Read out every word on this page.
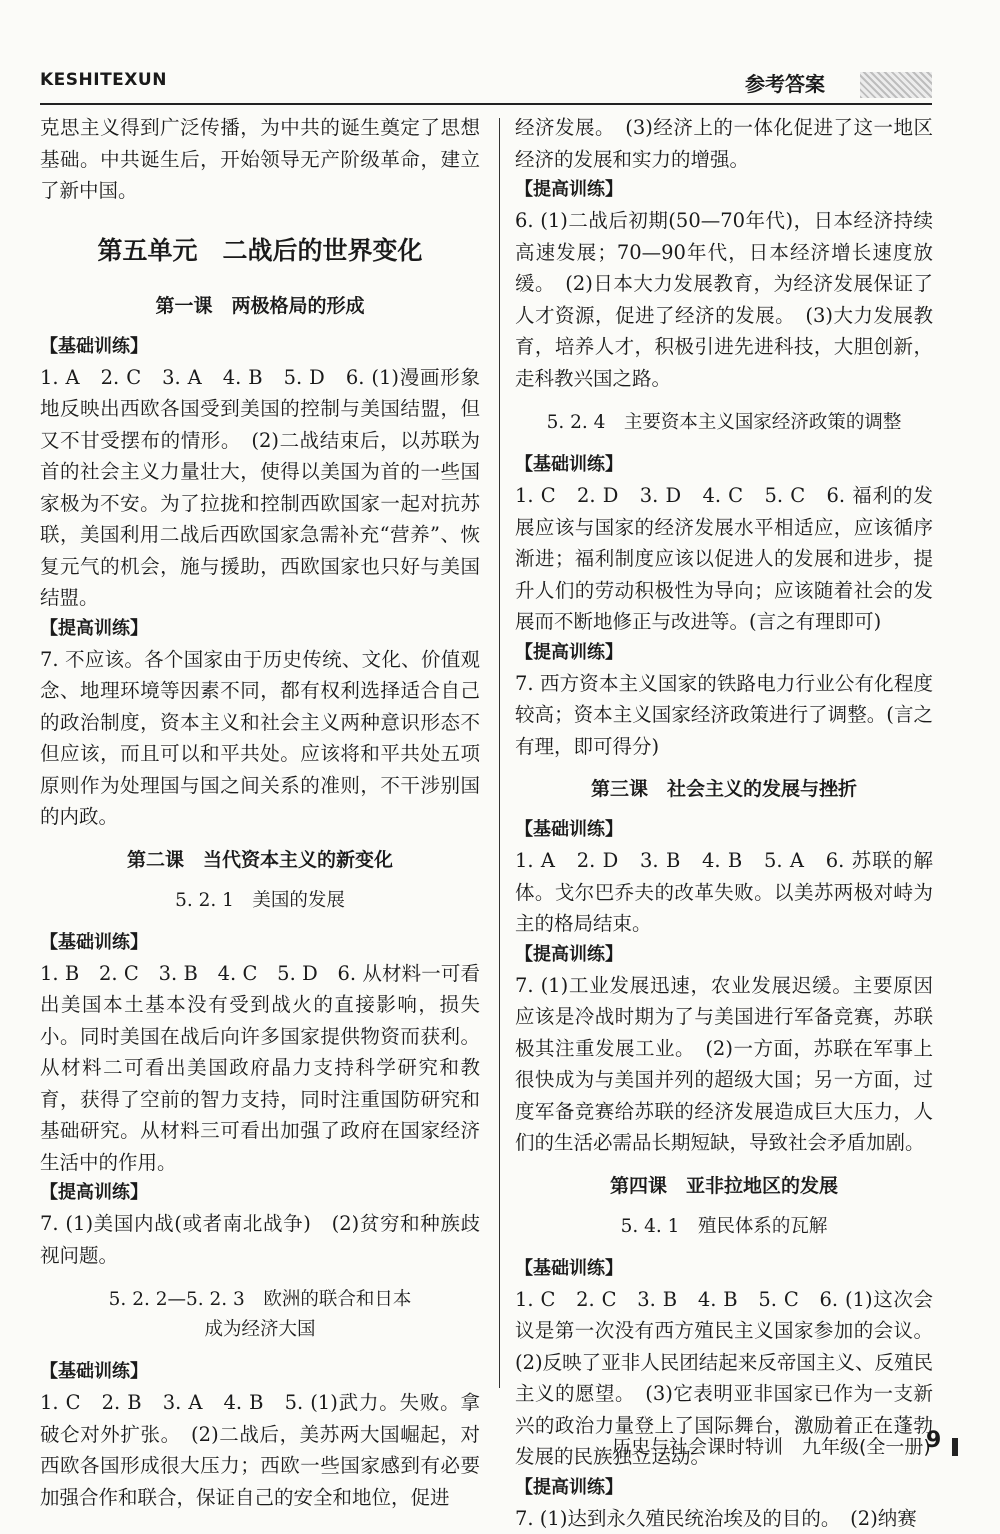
KESHITEXUN	参考答案

克思主义得到广泛传播，为中共的诞生奠定了思想基础。中共诞生后，开始领导无产阶级革命，建立了新中国。

第五单元　二战后的世界变化
第一课　两极格局的形成

【基础训练】

1. A　2. C　3. A　4. B　5. D　6. (1)漫画形象地反映出西欧各国受到美国的控制与美国结盟，但又不甘受摆布的情形。　(2)二战结束后，以苏联为首的社会主义力量壮大，使得以美国为首的一些国家极为不安。为了拉拢和控制西欧国家一起对抗苏联，美国利用二战后西欧国家急需补充“营养”、恢复元气的机会，施与援助，西欧国家也只好与美国结盟。

【提高训练】

7. 不应该。各个国家由于历史传统、文化、价值观念、地理环境等因素不同，都有权利选择适合自己的政治制度，资本主义和社会主义两种意识形态不但应该，而且可以和平共处。应该将和平共处五项原则作为处理国与国之间关系的准则，不干涉别国的内政。

第二课　当代资本主义的新变化
5. 2. 1　美国的发展

【基础训练】

1. B　2. C　3. B　4. C　5. D　6. 从材料一可看出美国本土基本没有受到战火的直接影响，损失小。同时美国在战后向许多国家提供物资而获利。从材料二可看出美国政府晶力支持科学研究和教育，获得了空前的智力支持，同时注重国防研究和基础研究。从材料三可看出加强了政府在国家经济生活中的作用。

【提高训练】

7. (1)美国内战(或者南北战争)　(2)贫穷和种族歧视问题。

5. 2. 2—5. 2. 3　欧洲的联合和日本
成为经济大国

【基础训练】

1. C　2. B　3. A　4. B　5. (1)武力。失败。拿破仑对外扩张。　(2)二战后，美苏两大国崛起，对西欧各国形成很大压力；西欧一些国家感到有必要加强合作和联合，保证自己的安全和地位，促进

经济发展。　(3)经济上的一体化促进了这一地区经济的发展和实力的增强。

【提高训练】

6. (1)二战后初期(50—70年代)，日本经济持续高速发展；70—90年代，日本经济增长速度放缓。　(2)日本大力发展教育，为经济发展保证了人才资源，促进了经济的发展。　(3)大力发展教育，培养人才，积极引进先进科技，大胆创新，走科教兴国之路。

5. 2. 4　主要资本主义国家经济政策的调整

【基础训练】

1. C　2. D　3. D　4. C　5. C　6. 福利的发展应该与国家的经济发展水平相适应，应该循序渐进；福利制度应该以促进人的发展和进步，提升人们的劳动积极性为导向；应该随着社会的发展而不断地修正与改进等。(言之有理即可)

【提高训练】

7. 西方资本主义国家的铁路电力行业公有化程度较高；资本主义国家经济政策进行了调整。(言之有理，即可得分)

第三课　社会主义的发展与挫折

【基础训练】

1. A　2. D　3. B　4. B　5. A　6. 苏联的解体。戈尔巴乔夫的改革失败。以美苏两极对峙为主的格局结束。

【提高训练】

7. (1)工业发展迅速，农业发展迟缓。主要原因应该是冷战时期为了与美国进行军备竞赛，苏联极其注重发展工业。　(2)一方面，苏联在军事上很快成为与美国并列的超级大国；另一方面，过度军备竞赛给苏联的经济发展造成巨大压力，人们的生活必需品长期短缺，导致社会矛盾加剧。

第四课　亚非拉地区的发展
5. 4. 1　殖民体系的瓦解

【基础训练】

1. C　2. C　3. B　4. B　5. C　6. (1)这次会议是第一次没有西方殖民主义国家参加的会议。(2)反映了亚非人民团结起来反帝国主义、反殖民主义的愿望。　(3)它表明亚非国家已作为一支新兴的政治力量登上了国际舞台，激励着正在蓬勃发展的民族独立运动。

【提高训练】

7. (1)达到永久殖民统治埃及的目的。　(2)纳赛

历史与社会课时特训　九年级(全一册)
9
